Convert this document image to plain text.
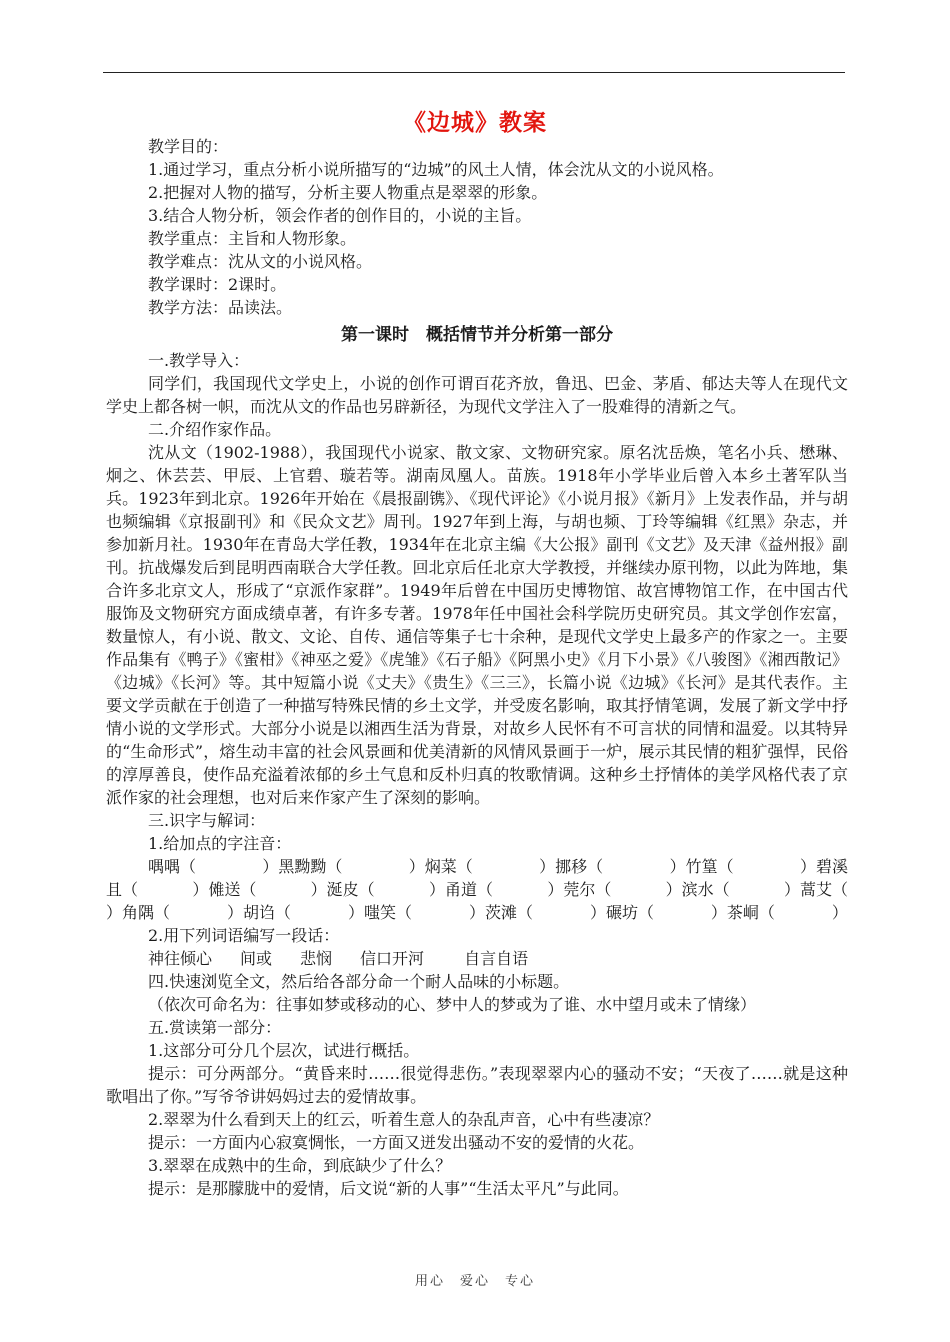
《边城》教案
教学目的：
1.通过学习，重点分析小说所描写的“边城”的风土人情，体会沈从文的小说风格。
2.把握对人物的描写，分析主要人物重点是翠翠的形象。
3.结合人物分析，领会作者的创作目的，小说的主旨。
教学重点：主旨和人物形象。
教学难点：沈从文的小说风格。
教学课时：2课时。
教学方法：品读法。
第一课时　概括情节并分析第一部分
一.教学导入：
同学们，我国现代文学史上，小说的创作可谓百花齐放，鲁迅、巴金、茅盾、郁达夫等人在现代文学史上都各树一帜，而沈从文的作品也另辟新径，为现代文学注入了一股难得的清新之气。
二.介绍作家作品。
沈从文（1902-1988），我国现代小说家、散文家、文物研究家。原名沈岳焕，笔名小兵、懋琳、炯之、休芸芸、甲辰、上官碧、璇若等。湖南凤凰人。苗族。1918年小学毕业后曾入本乡土著军队当兵。1923年到北京。1926年开始在《晨报副镌》、《现代评论》《小说月报》《新月》上发表作品，并与胡也频编辑《京报副刊》和《民众文艺》周刊。1927年到上海，与胡也频、丁玲等编辑《红黑》杂志，并参加新月社。1930年在青岛大学任教，1934年在北京主编《大公报》副刊《文艺》及天津《益州报》副刊。抗战爆发后到昆明西南联合大学任教。回北京后任北京大学教授，并继续办原刊物，以此为阵地，集合许多北京文人，形成了“京派作家群”。1949年后曾在中国历史博物馆、故宫博物馆工作，在中国古代服饰及文物研究方面成绩卓著，有许多专著。1978年任中国社会科学院历史研究员。其文学创作宏富，数量惊人，有小说、散文、文论、自传、通信等集子七十余种，是现代文学史上最多产的作家之一。主要作品集有《鸭子》《蜜柑》《神巫之爱》《虎雏》《石子船》《阿黑小史》《月下小景》《八骏图》《湘西散记》《边城》《长河》等。其中短篇小说《丈夫》《贵生》《三三》，长篇小说《边城》《长河》是其代表作。主要文学贡献在于创造了一种描写特殊民情的乡土文学，并受废名影响，取其抒情笔调，发展了新文学中抒情小说的文学形式。大部分小说是以湘西生活为背景，对故乡人民怀有不可言状的同情和温爱。以其特异的“生命形式”，熔生动丰富的社会风景画和优美清新的风情风景画于一炉，展示其民情的粗犷强悍，民俗的淳厚善良，使作品充溢着浓郁的乡土气息和反朴归真的牧歌情调。这种乡土抒情体的美学风格代表了京派作家的社会理想，也对后来作家产生了深刻的影响。
三.识字与解词：
1.给加点的字注音：
喁喁（	）黑黝黝（	）焖菜（	）挪移（	）竹篁（	）碧溪
且（	）傩送（	）涎皮（	）甬道（	）莞尔（	）滨水（	）蒿艾（
）角隅（	）胡诌（	）嗤笑（	）茨滩（	）碾坊（	）茶峒（	）
2.用下列词语编写一段话：
神往倾心 间或 悲悯 信口开河	自言自语
四.快速浏览全文，然后给各部分命一个耐人品味的小标题。
（依次可命名为：往事如梦或移动的心、梦中人的梦或为了谁、水中望月或未了情缘）
五.赏读第一部分：
1.这部分可分几个层次，试进行概括。
提示：可分两部分。“黄昏来时……很觉得悲伤。”表现翠翠内心的骚动不安；“天夜了……就是这种歌唱出了你。”写爷爷讲妈妈过去的爱情故事。
2.翠翠为什么看到天上的红云，听着生意人的杂乱声音，心中有些凄凉？
提示：一方面内心寂寞惆怅，一方面又迸发出骚动不安的爱情的火花。
3.翠翠在成熟中的生命，到底缺少了什么？
提示：是那朦胧中的爱情，后文说“新的人事”“生活太平凡”与此同。
用心　爱心　专心
